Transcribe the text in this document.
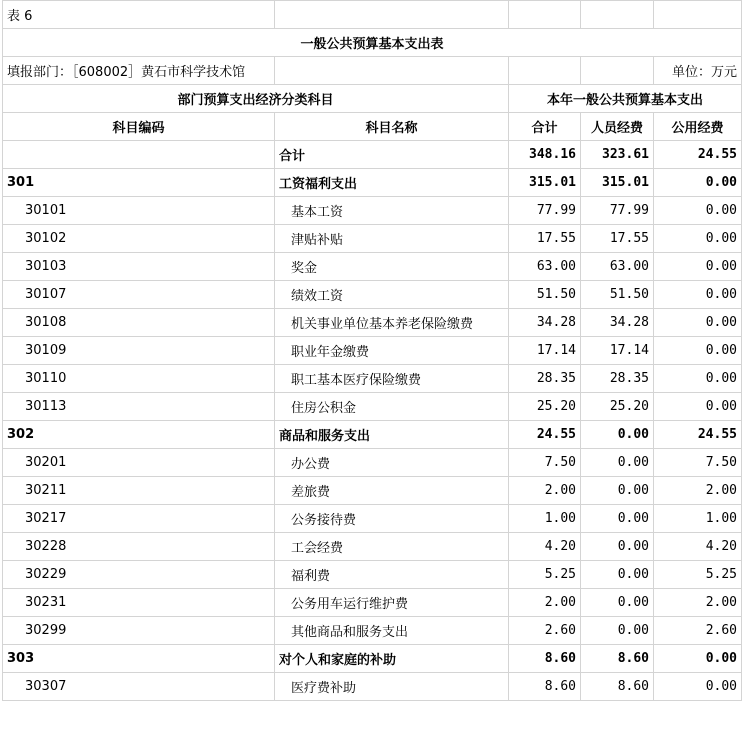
表 6				
一般公共预算基本支出表				
填报部门：［608002］黄石市科学技术馆				单位：万元
部门预算支出经济分类科目		本年一般公共预算基本支出		
科目编码	科目名称	合计	人员经费	公用经费
	合计	348.16	323.61	24.55
301	工资福利支出	315.01	315.01	0.00
30101	基本工资	77.99	77.99	0.00
30102	津贴补贴	17.55	17.55	0.00
30103	奖金	63.00	63.00	0.00
30107	绩效工资	51.50	51.50	0.00
30108	机关事业单位基本养老保险缴费	34.28	34.28	0.00
30109	职业年金缴费	17.14	17.14	0.00
30110	职工基本医疗保险缴费	28.35	28.35	0.00
30113	住房公积金	25.20	25.20	0.00
302	商品和服务支出	24.55	0.00	24.55
30201	办公费	7.50	0.00	7.50
30211	差旅费	2.00	0.00	2.00
30217	公务接待费	1.00	0.00	1.00
30228	工会经费	4.20	0.00	4.20
30229	福利费	5.25	0.00	5.25
30231	公务用车运行维护费	2.00	0.00	2.00
30299	其他商品和服务支出	2.60	0.00	2.60
303	对个人和家庭的补助	8.60	8.60	0.00
30307	医疗费补助	8.60	8.60	0.00
